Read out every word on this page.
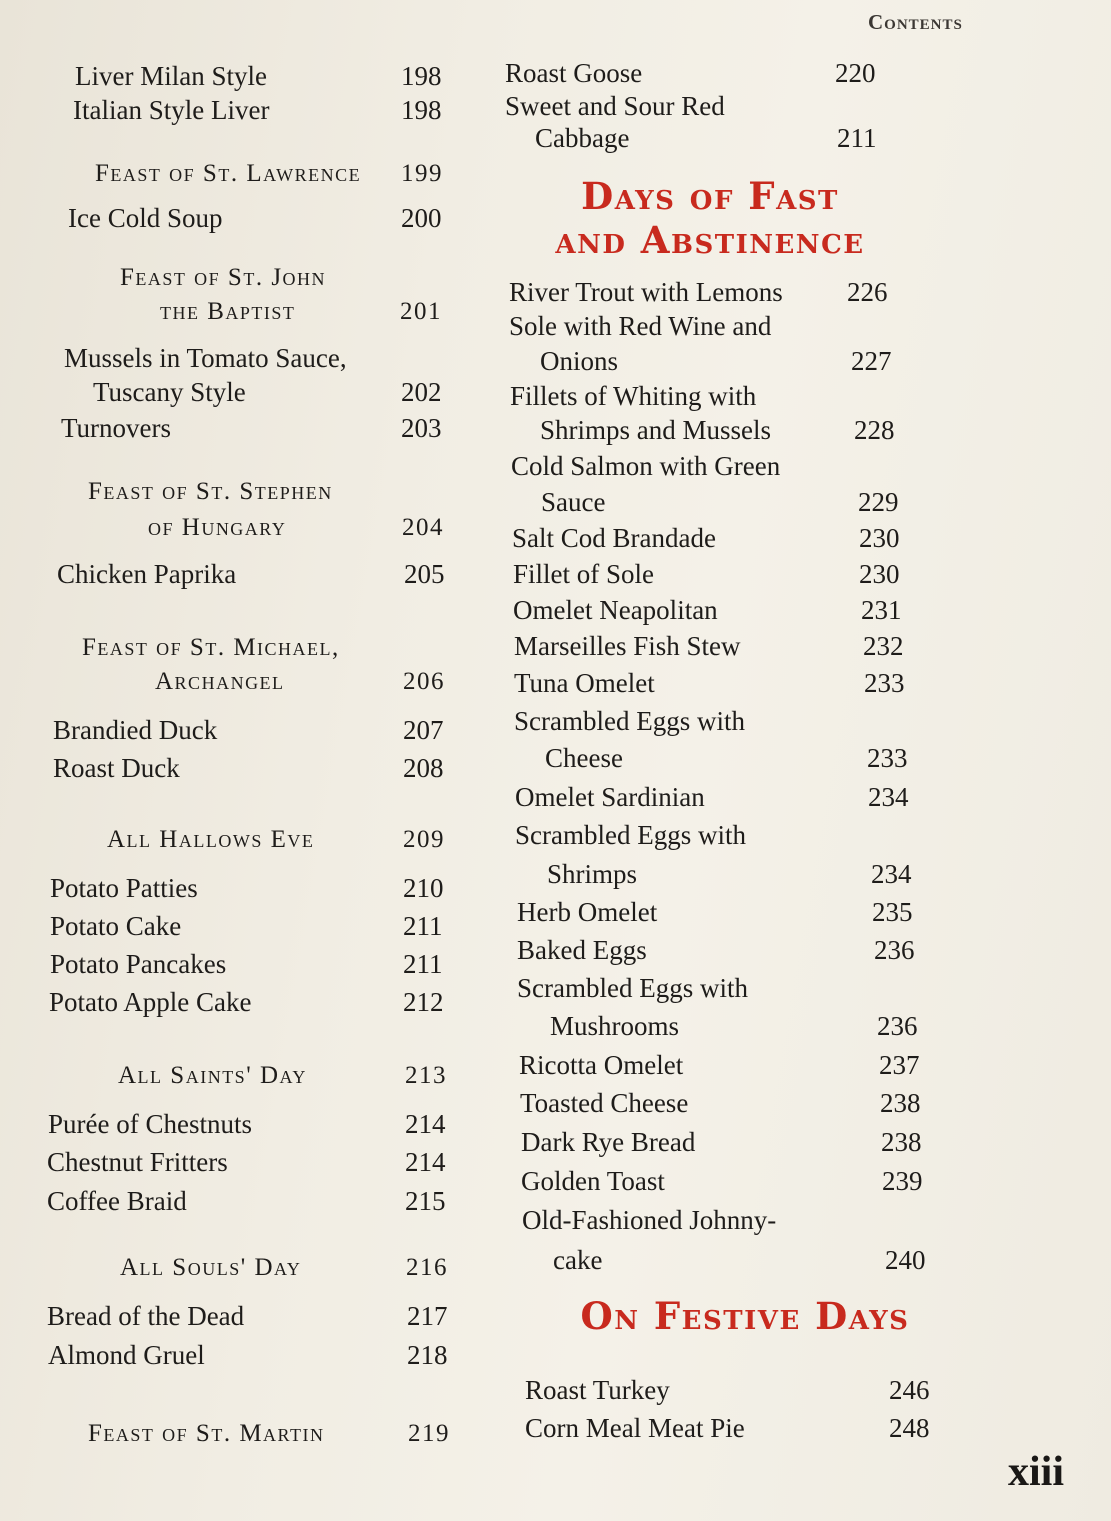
Contents
Liver Milan Style	198
Italian Style Liver	198
Feast of St. Lawrence 199
Ice Cold Soup	200
Feast of St. John
the Baptist	201
Mussels in Tomato Sauce,
Tuscany Style	202
Turnovers	203
Feast of St. Stephen
of Hungary	204
Chicken Paprika	205
Feast of St. Michael,
Archangel	206
Brandied Duck	207
Roast Duck	208
All Hallows Eve	209
Potato Patties	210
Potato Cake	211
Potato Pancakes	211
Potato Apple Cake	212
All Saints' Day	213
Purée of Chestnuts	214
Chestnut Fritters	214
Coffee Braid	215
All Souls' Day	216
Bread of the Dead	217
Almond Gruel	218
Feast of St. Martin	219
Roast Goose	220
Sweet and Sour Red
Cabbage	211
Days of Fast
and Abstinence
River Trout with Lemons 226
Sole with Red Wine and
Onions	227
Fillets of Whiting with
Shrimps and Mussels	228
Cold Salmon with Green
Sauce	229
Salt Cod Brandade	230
Fillet of Sole	230
Omelet Neapolitan	231
Marseilles Fish Stew	232
Tuna Omelet	233
Scrambled Eggs with
Cheese	233
Omelet Sardinian	234
Scrambled Eggs with
Shrimps	234
Herb Omelet	235
Baked Eggs	236
Scrambled Eggs with
Mushrooms	236
Ricotta Omelet	237
Toasted Cheese	238
Dark Rye Bread	238
Golden Toast	239
Old-Fashioned Johnny-
cake	240
On Festive Days
Roast Turkey	246
Corn Meal Meat Pie	248
xiii
